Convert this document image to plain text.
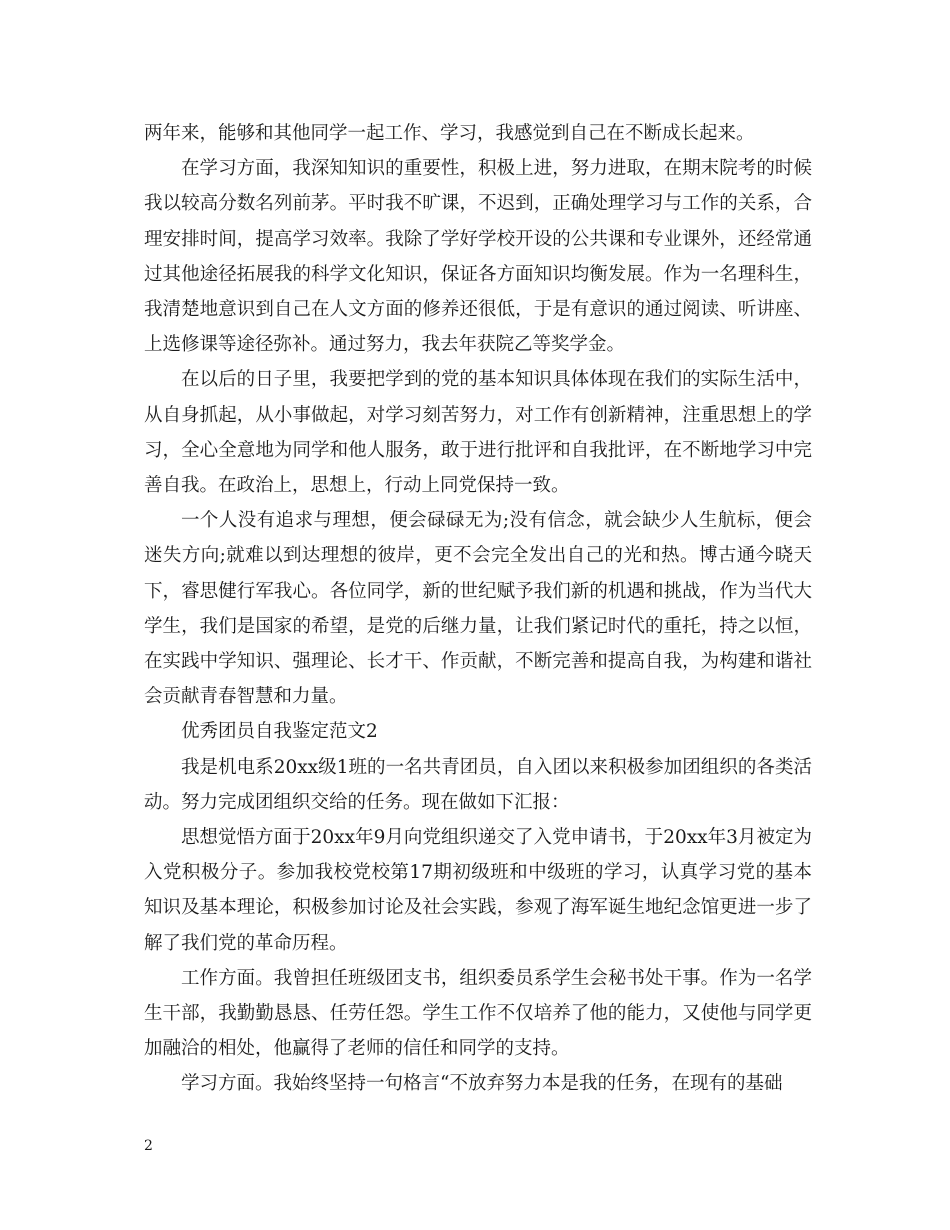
两年来，能够和其他同学一起工作、学习，我感觉到自己在不断成长起来。

在学习方面，我深知知识的重要性，积极上进，努力进取，在期末院考的时候我以较高分数名列前茅。平时我不旷课，不迟到，正确处理学习与工作的关系，合理安排时间，提高学习效率。我除了学好学校开设的公共课和专业课外，还经常通过其他途径拓展我的科学文化知识，保证各方面知识均衡发展。作为一名理科生，我清楚地意识到自己在人文方面的修养还很低，于是有意识的通过阅读、听讲座、上选修课等途径弥补。通过努力，我去年获院乙等奖学金。

在以后的日子里，我要把学到的党的基本知识具体体现在我们的实际生活中，从自身抓起，从小事做起，对学习刻苦努力，对工作有创新精神，注重思想上的学习，全心全意地为同学和他人服务，敢于进行批评和自我批评，在不断地学习中完善自我。在政治上，思想上，行动上同党保持一致。

一个人没有追求与理想，便会碌碌无为;没有信念，就会缺少人生航标，便会迷失方向;就难以到达理想的彼岸，更不会完全发出自己的光和热。博古通今晓天下，睿思健行军我心。各位同学，新的世纪赋予我们新的机遇和挑战，作为当代大学生，我们是国家的希望，是党的后继力量，让我们紧记时代的重托，持之以恒，在实践中学知识、强理论、长才干、作贡献，不断完善和提高自我，为构建和谐社会贡献青春智慧和力量。

优秀团员自我鉴定范文2

我是机电系20xx级1班的一名共青团员，自入团以来积极参加团组织的各类活动。努力完成团组织交给的任务。现在做如下汇报：

思想觉悟方面于20xx年9月向党组织递交了入党申请书，于20xx年3月被定为入党积极分子。参加我校党校第17期初级班和中级班的学习，认真学习党的基本知识及基本理论，积极参加讨论及社会实践，参观了海军诞生地纪念馆更进一步了解了我们党的革命历程。

工作方面。我曾担任班级团支书，组织委员系学生会秘书处干事。作为一名学生干部，我勤勤恳恳、任劳任怨。学生工作不仅培养了他的能力，又使他与同学更加融洽的相处，他赢得了老师的信任和同学的支持。

学习方面。我始终坚持一句格言“不放弃努力本是我的任务，在现有的基础

2
